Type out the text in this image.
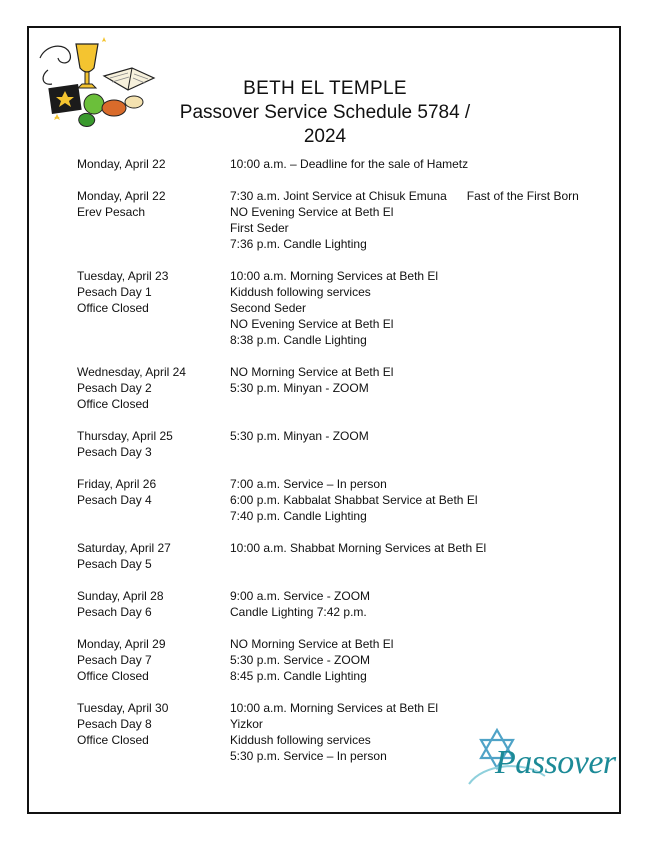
BETH EL TEMPLE
Passover Service Schedule 5784 / 2024
Monday, April 22	10:00 a.m. – Deadline for the sale of Hametz
Monday, April 22
Erev Pesach
7:30 a.m. Joint Service at Chisuk Emuna Fast of the First Born
NO Evening Service at Beth El
First Seder
7:36 p.m. Candle Lighting
Tuesday, April 23
Pesach Day 1
Office Closed
10:00 a.m. Morning Services at Beth El
Kiddush following services
Second Seder
NO Evening Service at Beth El
8:38 p.m. Candle Lighting
Wednesday, April 24
Pesach Day 2
Office Closed
NO Morning Service at Beth El
5:30 p.m. Minyan - ZOOM
Thursday, April 25
Pesach Day 3
5:30 p.m. Minyan - ZOOM
Friday, April 26
Pesach Day 4
7:00 a.m. Service – In person
6:00 p.m. Kabbalat Shabbat Service at Beth El
7:40 p.m. Candle Lighting
Saturday, April 27
Pesach Day 5
10:00 a.m. Shabbat Morning Services at Beth El
Sunday, April 28
Pesach Day 6
9:00 a.m. Service - ZOOM
Candle Lighting 7:42 p.m.
Monday, April 29
Pesach Day 7
Office Closed
NO Morning Service at Beth El
5:30 p.m. Service - ZOOM
8:45 p.m. Candle Lighting
Tuesday, April 30
Pesach Day 8
Office Closed
10:00 a.m. Morning Services at Beth El
Yizkor
Kiddush following services
5:30 p.m. Service – In person	Passover
